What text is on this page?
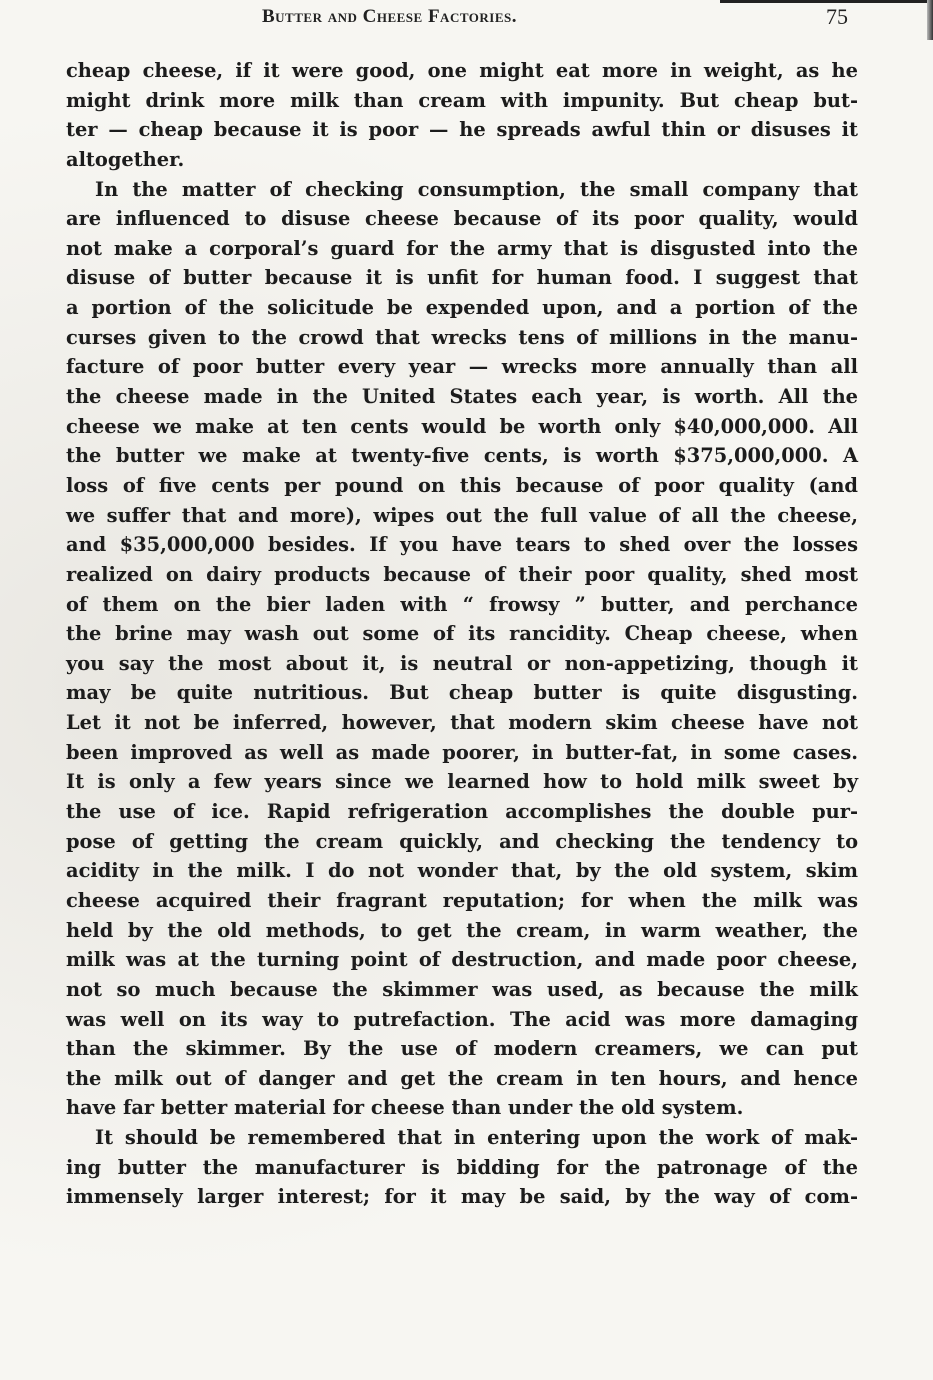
Butter and Cheese Factories.	75
cheap cheese, if it were good, one might eat more in weight, as he
might drink more milk than cream with impunity. But cheap but-
ter — cheap because it is poor — he spreads awful thin or disuses it
altogether.
In the matter of checking consumption, the small company that
are influenced to disuse cheese because of its poor quality, would
not make a corporal’s guard for the army that is disgusted into the
disuse of butter because it is unfit for human food. I suggest that
a portion of the solicitude be expended upon, and a portion of the
curses given to the crowd that wrecks tens of millions in the manu-
facture of poor butter every year — wrecks more annually than all
the cheese made in the United States each year, is worth. All the
cheese we make at ten cents would be worth only $40,000,000. All
the butter we make at twenty-five cents, is worth $375,000,000. A
loss of five cents per pound on this because of poor quality (and
we suffer that and more), wipes out the full value of all the cheese,
and $35,000,000 besides. If you have tears to shed over the losses
realized on dairy products because of their poor quality, shed most
of them on the bier laden with “ frowsy ” butter, and perchance
the brine may wash out some of its rancidity. Cheap cheese, when
you say the most about it, is neutral or non-appetizing, though it
may be quite nutritious. But cheap butter is quite disgusting.
Let it not be inferred, however, that modern skim cheese have not
been improved as well as made poorer, in butter-fat, in some cases.
It is only a few years since we learned how to hold milk sweet by
the use of ice. Rapid refrigeration accomplishes the double pur-
pose of getting the cream quickly, and checking the tendency to
acidity in the milk. I do not wonder that, by the old system, skim
cheese acquired their fragrant reputation; for when the milk was
held by the old methods, to get the cream, in warm weather, the
milk was at the turning point of destruction, and made poor cheese,
not so much because the skimmer was used, as because the milk
was well on its way to putrefaction. The acid was more damaging
than the skimmer. By the use of modern creamers, we can put
the milk out of danger and get the cream in ten hours, and hence
have far better material for cheese than under the old system.
It should be remembered that in entering upon the work of mak-
ing butter the manufacturer is bidding for the patronage of the
immensely larger interest; for it may be said, by the way of com-
